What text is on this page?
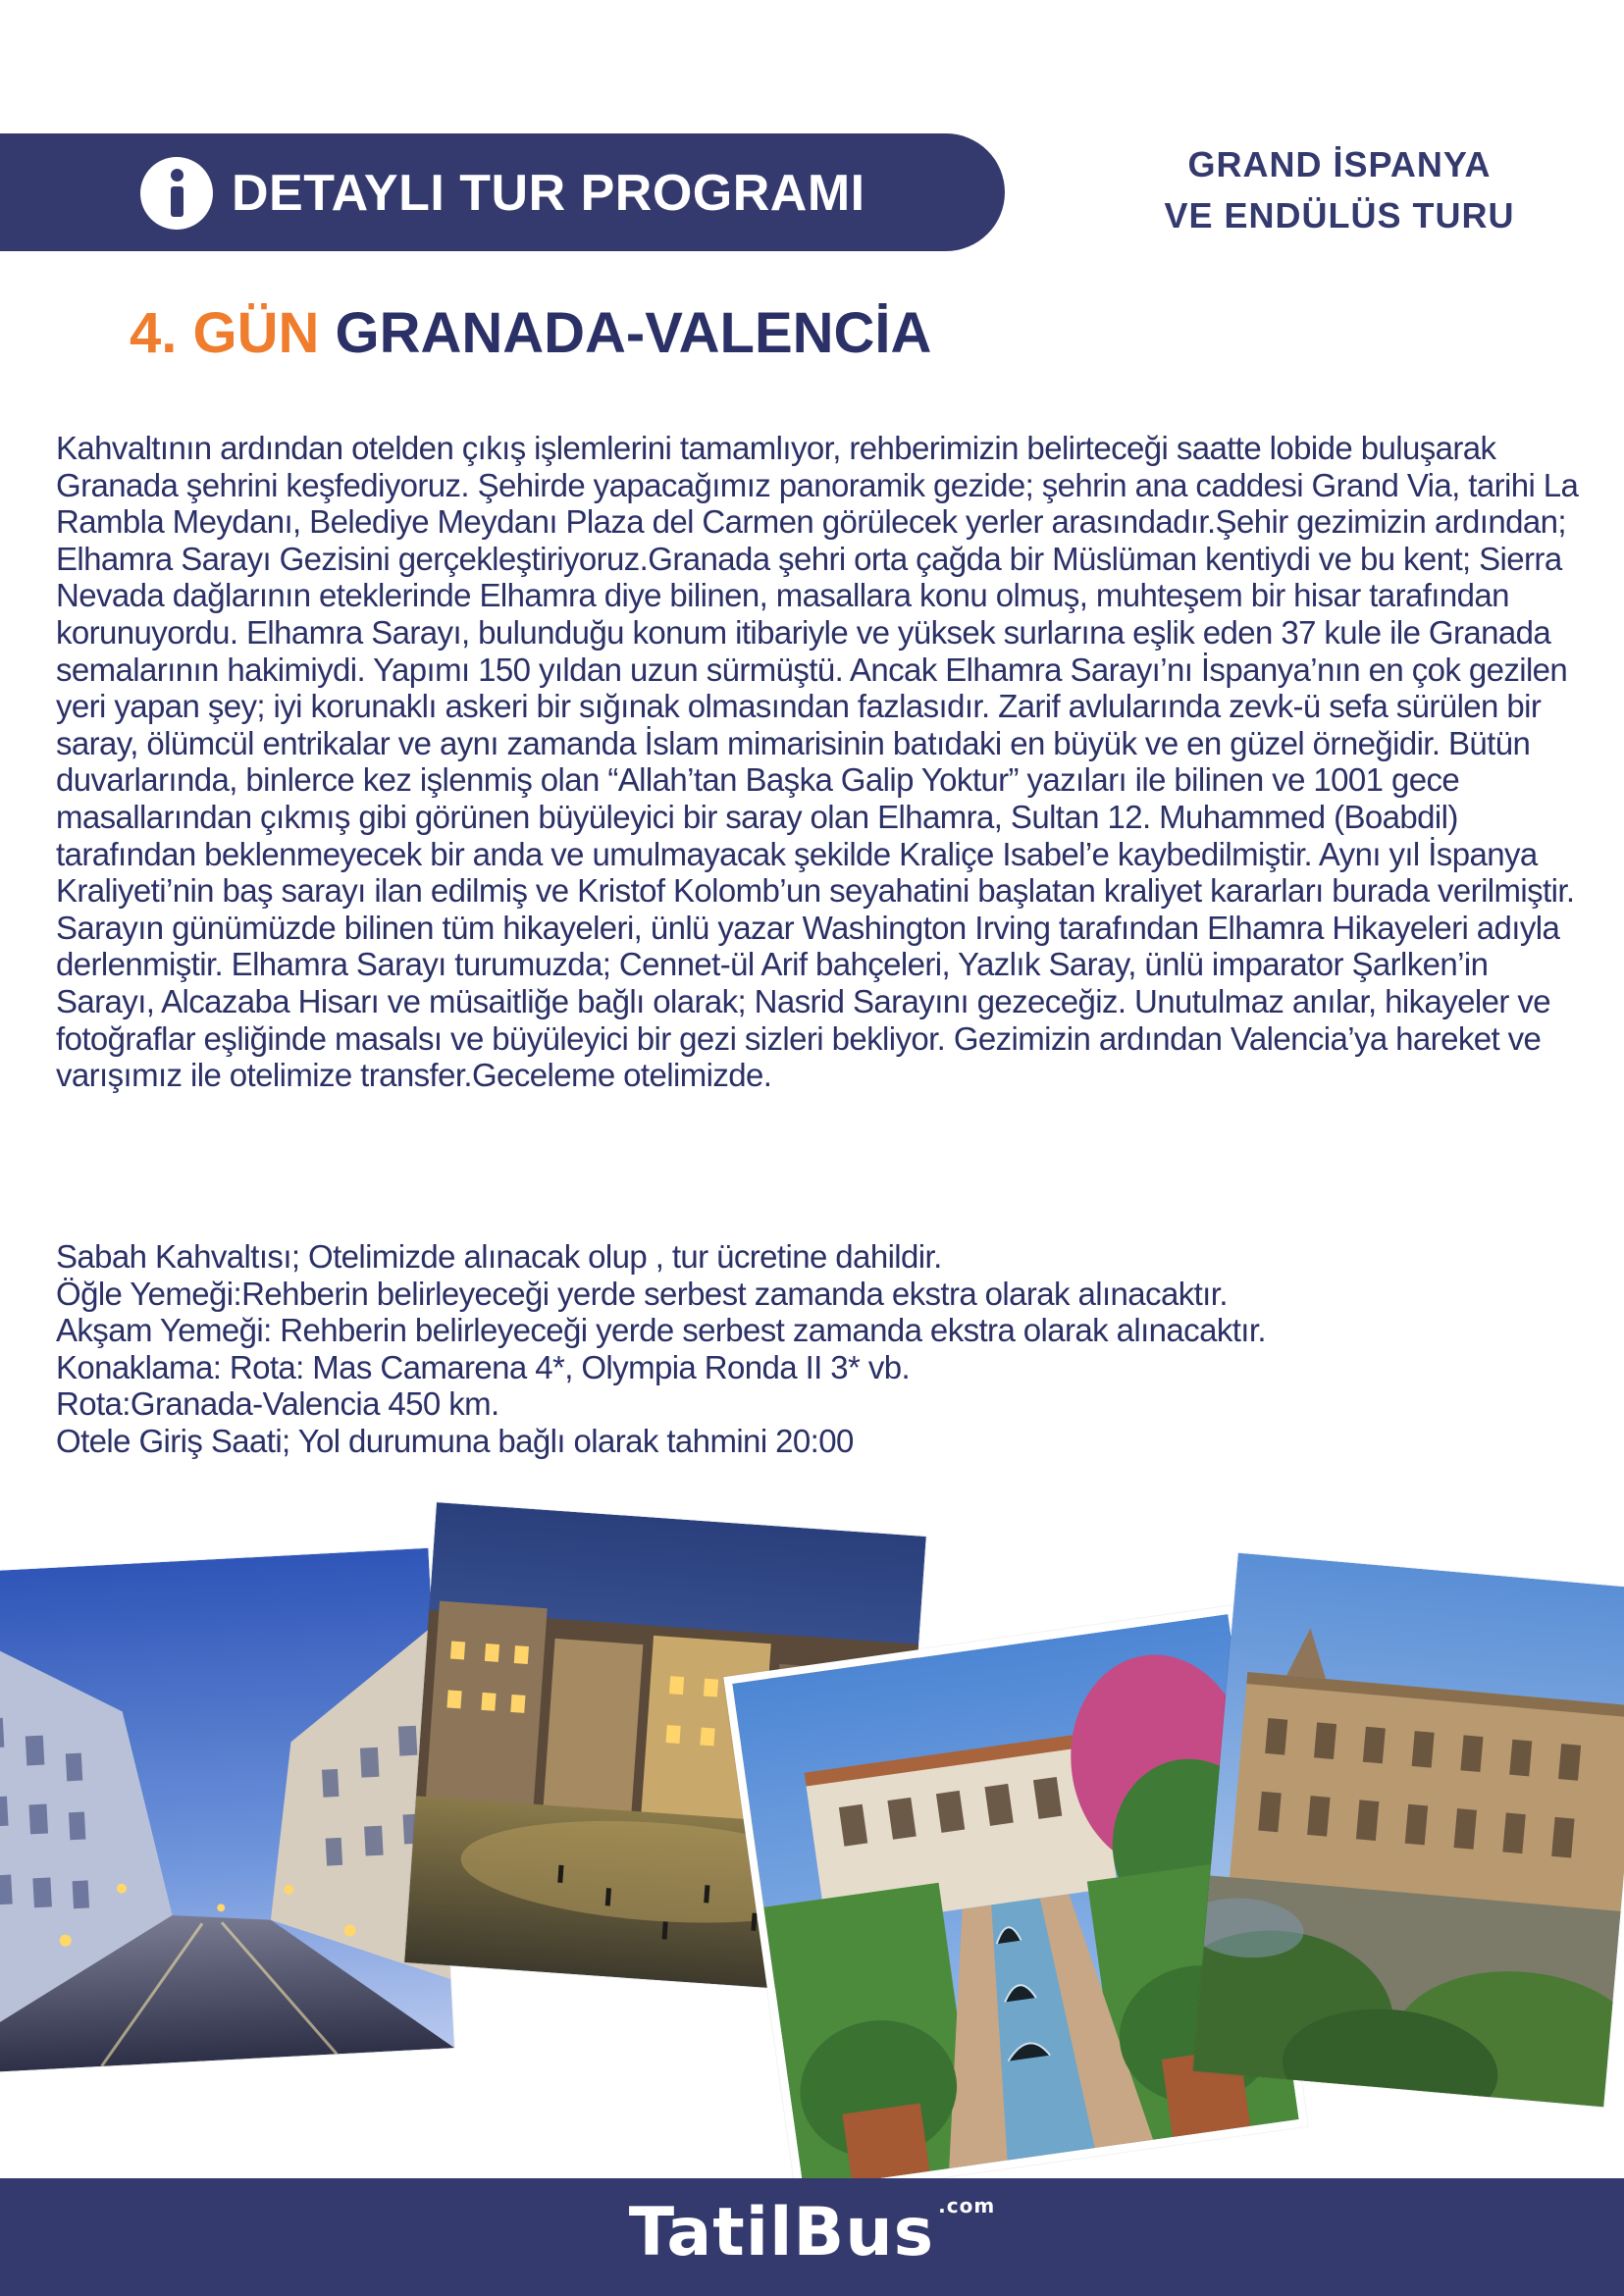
DETAYLI TUR PROGRAMI
GRAND İSPANYA
VE ENDÜLÜS TURU
4. GÜN GRANADA-VALENCİA

Kahvaltının ardından otelden çıkış işlemlerini tamamlıyor, rehberimizin belirteceği saatte lobide buluşarak Granada şehrini keşfediyoruz. Şehirde yapacağımız panoramik gezide; şehrin ana caddesi Grand Via, tarihi La Rambla Meydanı, Belediye Meydanı Plaza del Carmen görülecek yerler arasındadır.Şehir gezimizin ardından; Elhamra Sarayı Gezisini gerçekleştiriyoruz.Granada şehri orta çağda bir Müslüman kentiydi ve bu kent; Sierra Nevada dağlarının eteklerinde Elhamra diye bilinen, masallara konu olmuş, muhteşem bir hisar tarafından korunuyordu. Elhamra Sarayı, bulunduğu konum itibariyle ve yüksek surlarına eşlik eden 37 kule ile Granada semalarının hakimiydi. Yapımı 150 yıldan uzun sürmüştü. Ancak Elhamra Sarayı’nı İspanya’nın en çok gezilen yeri yapan şey; iyi korunaklı askeri bir sığınak olmasından fazlasıdır. Zarif avlularında zevk-ü sefa sürülen bir saray, ölümcül entrikalar ve aynı zamanda İslam mimarisinin batıdaki en büyük ve en güzel örneğidir. Bütün duvarlarında, binlerce kez işlenmiş olan “Allah’tan Başka Galip Yoktur” yazıları ile bilinen ve 1001 gece masallarından çıkmış gibi görünen büyüleyici bir saray olan Elhamra, Sultan 12. Muhammed (Boabdil) tarafından beklenmeyecek bir anda ve umulmayacak şekilde Kraliçe Isabel’e kaybedilmiştir. Aynı yıl İspanya Kraliyeti’nin baş sarayı ilan edilmiş ve Kristof Kolomb’un seyahatini başlatan kraliyet kararları burada verilmiştir. Sarayın günümüzde bilinen tüm hikayeleri, ünlü yazar Washington Irving tarafından Elhamra Hikayeleri adıyla derlenmiştir. Elhamra Sarayı turumuzda; Cennet-ül Arif bahçeleri, Yazlık Saray, ünlü imparator Şarlken’in Sarayı, Alcazaba Hisarı ve müsaitliğe bağlı olarak; Nasrid Sarayını gezeceğiz. Unutulmaz anılar, hikayeler ve fotoğraflar eşliğinde masalsı ve büyüleyici bir gezi sizleri bekliyor. Gezimizin ardından Valencia’ya hareket ve varışımız ile otelimize transfer.Geceleme otelimizde.

Sabah Kahvaltısı; Otelimizde alınacak olup , tur ücretine dahildir.
Öğle Yemeği:Rehberin belirleyeceği yerde serbest zamanda ekstra olarak alınacaktır.
Akşam Yemeği: Rehberin belirleyeceği yerde serbest zamanda ekstra olarak alınacaktır.
Konaklama: Rota: Mas Camarena 4*, Olympia Ronda II 3* vb.
Rota:Granada-Valencia 450 km.
Otele Giriş Saati; Yol durumuna bağlı olarak tahmini 20:00
TatilBus $^{.com}$
